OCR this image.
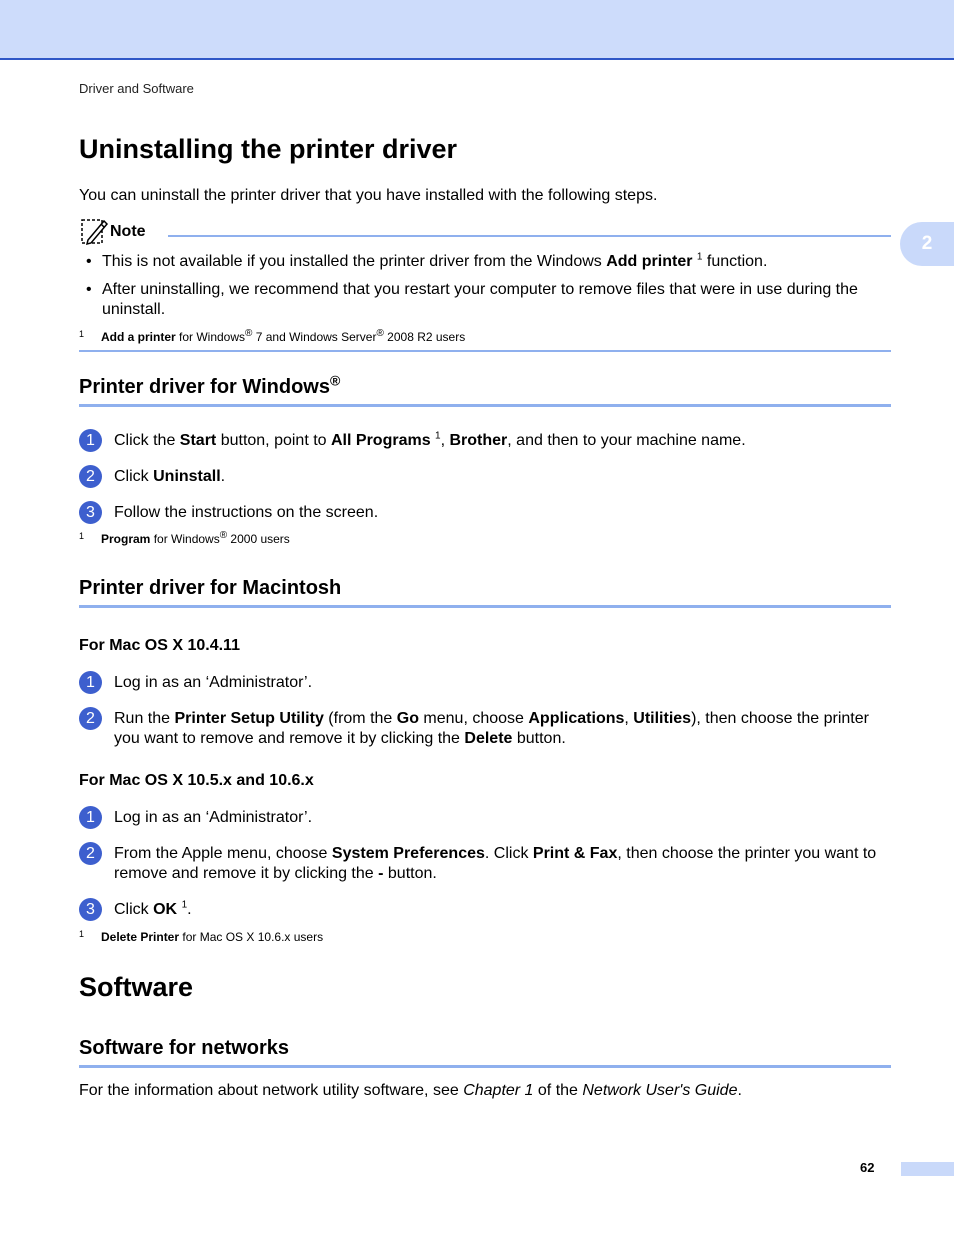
Driver and Software
2
Uninstalling the printer driver
You can uninstall the printer driver that you have installed with the following steps.
Note
• This is not available if you installed the printer driver from the Windows Add printer $^1$ function.
• After uninstalling, we recommend that you restart your computer to remove files that were in use during the uninstall.
1 Add a printer for Windows® 7 and Windows Server® 2008 R2 users
Printer driver for Windows®
1	Click the Start button, point to All Programs $^1$, Brother, and then to your machine name.
2	Click Uninstall.
3	Follow the instructions on the screen.
1 Program for Windows® 2000 users
Printer driver for Macintosh
For Mac OS X 10.4.11
1	Log in as an ‘Administrator’.
2	Run the Printer Setup Utility (from the Go menu, choose Applications, Utilities), then choose the printer you want to remove and remove it by clicking the Delete button.
For Mac OS X 10.5.x and 10.6.x
1	Log in as an ‘Administrator’.
2	From the Apple menu, choose System Preferences. Click Print & Fax, then choose the printer you want to remove and remove it by clicking the - button.
3	Click OK $^1$.
1 Delete Printer for Mac OS X 10.6.x users
Software
Software for networks
For the information about network utility software, see Chapter 1 of the Network User's Guide.
62
